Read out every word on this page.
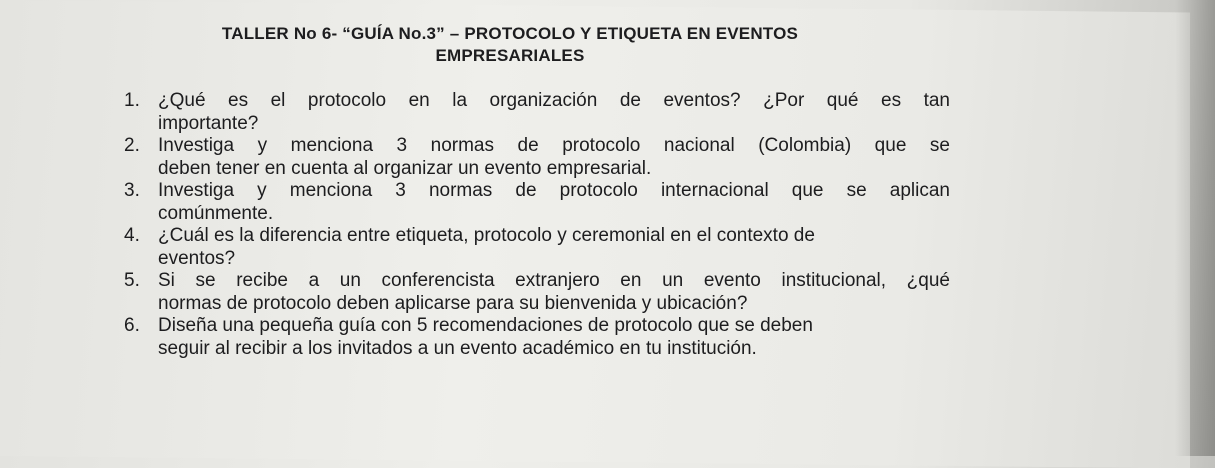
TALLER No 6- “GUÍA No.3” – PROTOCOLO Y ETIQUETA EN EVENTOS
EMPRESARIALES
1. ¿Qué es el protocolo en la organización de eventos? ¿Por qué es tan
importante?
2. Investiga y menciona 3 normas de protocolo nacional (Colombia) que se
deben tener en cuenta al organizar un evento empresarial.
3. Investiga y menciona 3 normas de protocolo internacional que se aplican
comúnmente.
4. ¿Cuál es la diferencia entre etiqueta, protocolo y ceremonial en el contexto de
eventos?
5. Si se recibe a un conferencista extranjero en un evento institucional, ¿qué
normas de protocolo deben aplicarse para su bienvenida y ubicación?
6. Diseña una pequeña guía con 5 recomendaciones de protocolo que se deben
seguir al recibir a los invitados a un evento académico en tu institución.
